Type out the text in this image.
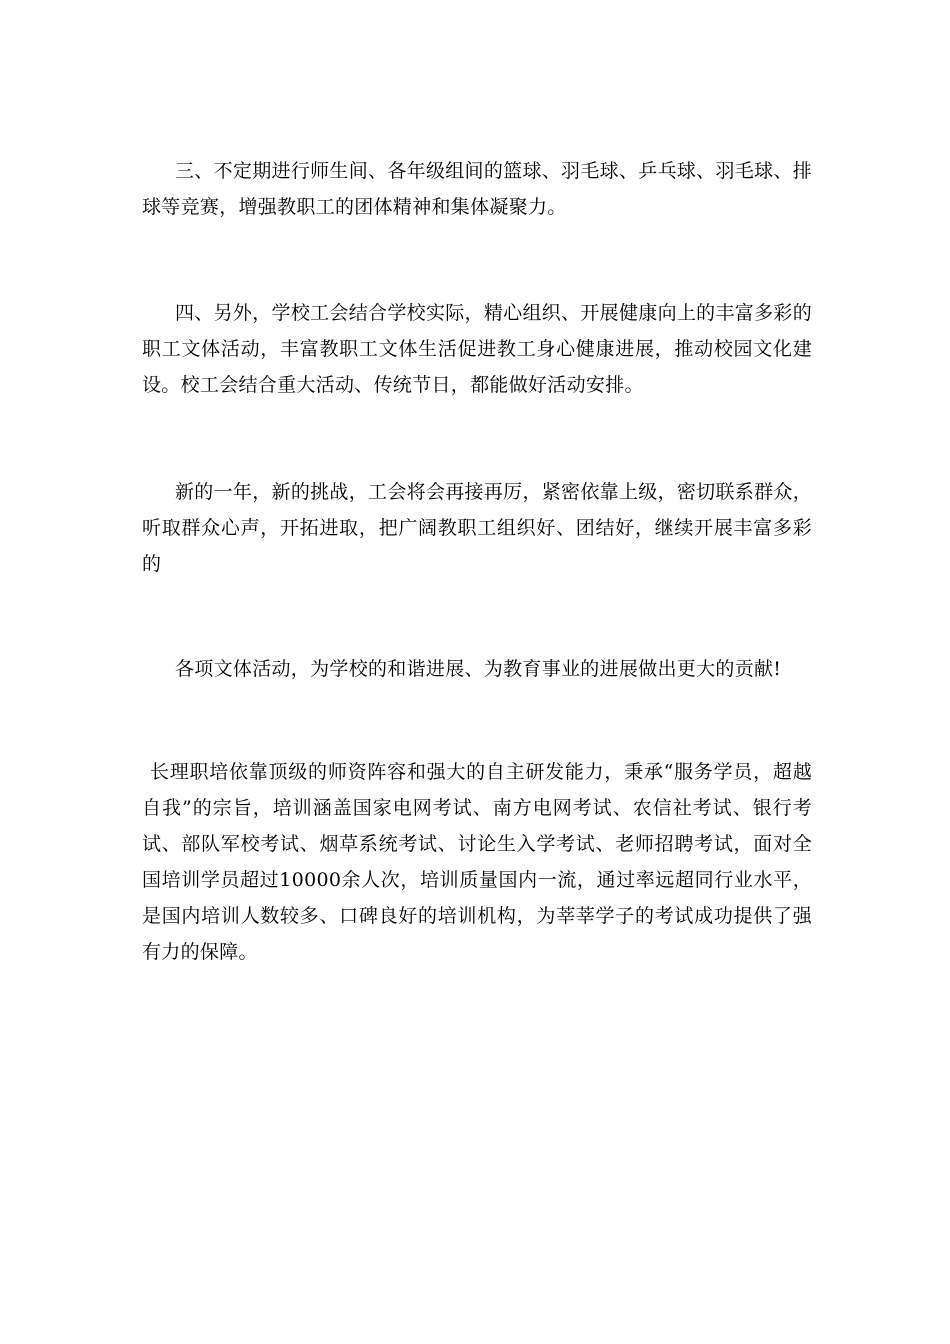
三、不定期进行师生间、各年级组间的篮球、羽毛球、乒乓球、羽毛球、排球等竞赛，增强教职工的团体精神和集体凝聚力。

四、另外，学校工会结合学校实际，精心组织、开展健康向上的丰富多彩的职工文体活动，丰富教职工文体生活促进教工身心健康进展，推动校园文化建设。校工会结合重大活动、传统节日，都能做好活动安排。

新的一年，新的挑战，工会将会再接再厉，紧密依靠上级，密切联系群众，听取群众心声，开拓进取，把广阔教职工组织好、团结好，继续开展丰富多彩的

各项文体活动，为学校的和谐进展、为教育事业的进展做出更大的贡献!

长理职培依靠顶级的师资阵容和强大的自主研发能力，秉承“服务学员，超越自我”的宗旨，培训涵盖国家电网考试、南方电网考试、农信社考试、银行考试、部队军校考试、烟草系统考试、讨论生入学考试、老师招聘考试，面对全国培训学员超过10000余人次，培训质量国内一流，通过率远超同行业水平，是国内培训人数较多、口碑良好的培训机构，为莘莘学子的考试成功提供了强有力的保障。
